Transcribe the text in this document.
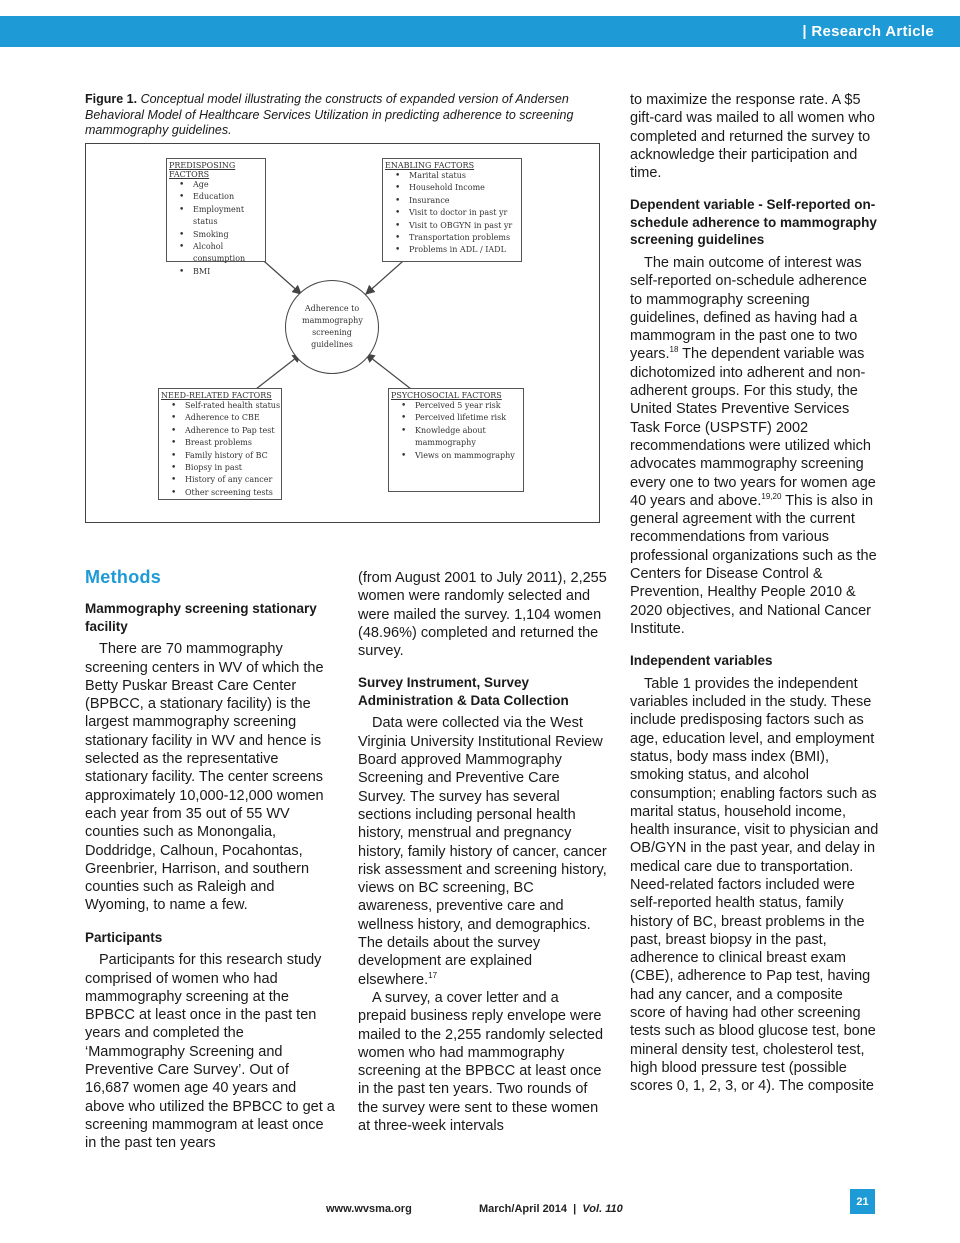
| Research Article
Figure 1. Conceptual model illustrating the constructs of expanded version of Andersen Behavioral Model of Healthcare Services Utilization in predicting adherence to screening mammography guidelines.
PREDISPOSING FACTORS
• Age
• Education
• Employment status
• Smoking
• Alcohol consumption
• BMI
ENABLING FACTORS
• Marital status
• Household Income
• Insurance
• Visit to doctor in past yr
• Visit to OBGYN in past yr
• Transportation problems
• Problems in ADL / IADL
Adherence to mammography screening guidelines
NEED-RELATED FACTORS
• Self-rated health status
• Adherence to CBE
• Adherence to Pap test
• Breast problems
• Family history of BC
• Biopsy in past
• History of any cancer
• Other screening tests
PSYCHOSOCIAL FACTORS
• Perceived 5 year risk
• Perceived lifetime risk
• Knowledge about mammography
• Views on mammography
Methods
Mammography screening stationary facility

There are 70 mammography screening centers in WV of which the Betty Puskar Breast Care Center (BPBCC, a stationary facility) is the largest mammography screening stationary facility in WV and hence is selected as the representative stationary facility. The center screens approximately 10,000-12,000 women each year from 35 out of 55 WV counties such as Monongalia, Doddridge, Calhoun, Pocahontas, Greenbrier, Harrison, and southern counties such as Raleigh and Wyoming, to name a few.

Participants

Participants for this research study comprised of women who had mammography screening at the BPBCC at least once in the past ten years and completed the ‘Mammography Screening and Preventive Care Survey’. Out of 16,687 women age 40 years and above who utilized the BPBCC to get a screening mammogram at least once in the past ten years

(from August 2001 to July 2011), 2,255 women were randomly selected and were mailed the survey. 1,104 women (48.96%) completed and returned the survey.

Survey Instrument, Survey Administration & Data Collection

Data were collected via the West Virginia University Institutional Review Board approved Mammography Screening and Preventive Care Survey. The survey has several sections including personal health history, menstrual and pregnancy history, family history of cancer, cancer risk assessment and screening history, views on BC screening, BC awareness, preventive care and wellness history, and demographics. The details about the survey development are explained elsewhere.$^{17}$

A survey, a cover letter and a prepaid business reply envelope were mailed to the 2,255 randomly selected women who had mammography screening at the BPBCC at least once in the past ten years. Two rounds of the survey were sent to these women at three-week intervals

to maximize the response rate. A $5 gift-card was mailed to all women who completed and returned the survey to acknowledge their participation and time.

Dependent variable - Self-reported on-schedule adherence to mammography screening guidelines

The main outcome of interest was self-reported on-schedule adherence to mammography screening guidelines, defined as having had a mammogram in the past one to two years.$^{18}$ The dependent variable was dichotomized into adherent and non-adherent groups. For this study, the United States Preventive Services Task Force (USPSTF) 2002 recommendations were utilized which advocates mammography screening every one to two years for women age 40 years and above.$^{19,20}$ This is also in general agreement with the current recommendations from various professional organizations such as the Centers for Disease Control & Prevention, Healthy People 2010 & 2020 objectives, and National Cancer Institute.

Independent variables

Table 1 provides the independent variables included in the study. These include predisposing factors such as age, education level, and employment status, body mass index (BMI), smoking status, and alcohol consumption; enabling factors such as marital status, household income, health insurance, visit to physician and OB/GYN in the past year, and delay in medical care due to transportation. Need-related factors included were self-reported health status, family history of BC, breast problems in the past, breast biopsy in the past, adherence to clinical breast exam (CBE), adherence to Pap test, having had any cancer, and a composite score of having had other screening tests such as blood glucose test, bone mineral density test, cholesterol test, high blood pressure test (possible scores 0, 1, 2, 3, or 4). The composite

www.wvsma.org	March/April 2014 | Vol. 110
21
